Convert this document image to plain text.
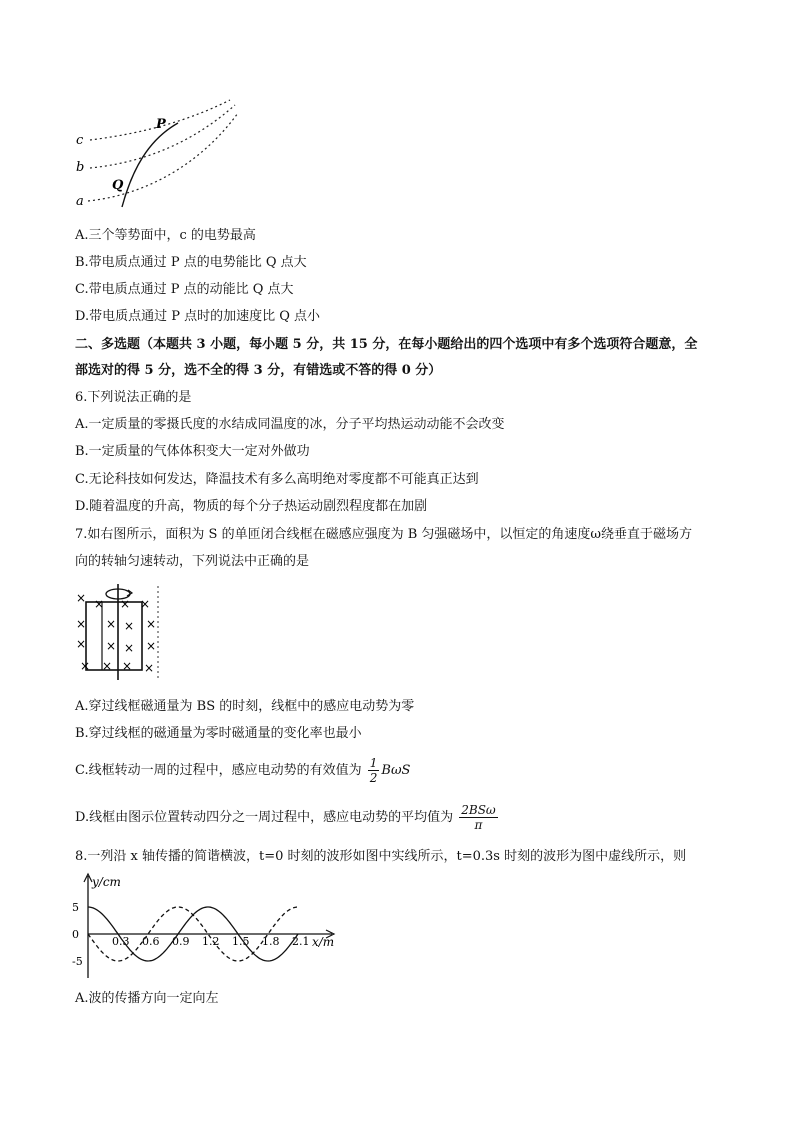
c
b
a
P
Q
A.三个等势面中，c 的电势最高
B.带电质点通过 P 点的电势能比 Q 点大
C.带电质点通过 P 点的动能比 Q 点大
D.带电质点通过 P 点时的加速度比 Q 点小
二、多选题（本题共 3 小题，每小题 5 分，共 15 分，在每小题给出的四个选项中有多个选项符合题意，全
部选对的得 5 分，选不全的得 3 分，有错选或不答的得 0 分）
6.下列说法正确的是
A.一定质量的零摄氏度的水结成同温度的冰，分子平均热运动动能不会改变
B.一定质量的气体体积变大一定对外做功
C.无论科技如何发达，降温技术有多么高明绝对零度都不可能真正达到
D.随着温度的升高，物质的每个分子热运动剧烈程度都在加剧
7.如右图所示，面积为 S 的单匝闭合线框在磁感应强度为 B 匀强磁场中，以恒定的角速度ω绕垂直于磁场方
向的转轴匀速转动，下列说法中正确的是
× × × ×
× × × ×
× × × ×
× × × ×
A.穿过线框磁通量为 BS 的时刻，线框中的感应电动势为零
B.穿过线框的磁通量为零时磁通量的变化率也最小
C.线框转动一周的过程中，感应电动势的有效值为 $\frac{1}{2}$ BωS
D.线框由图示位置转动四分之一周过程中，感应电动势的平均值为 $\frac{\text{2BSω}}{\pi}$
8.一列沿 x 轴传播的简谐横波，t=0 时刻的波形如图中实线所示，t=0.3s 时刻的波形为图中虚线所示，则
y/cm
x/m
0.3 0.6 0.9 1.2 1.5 1.8 2.1
5
0
-5
A.波的传播方向一定向左
